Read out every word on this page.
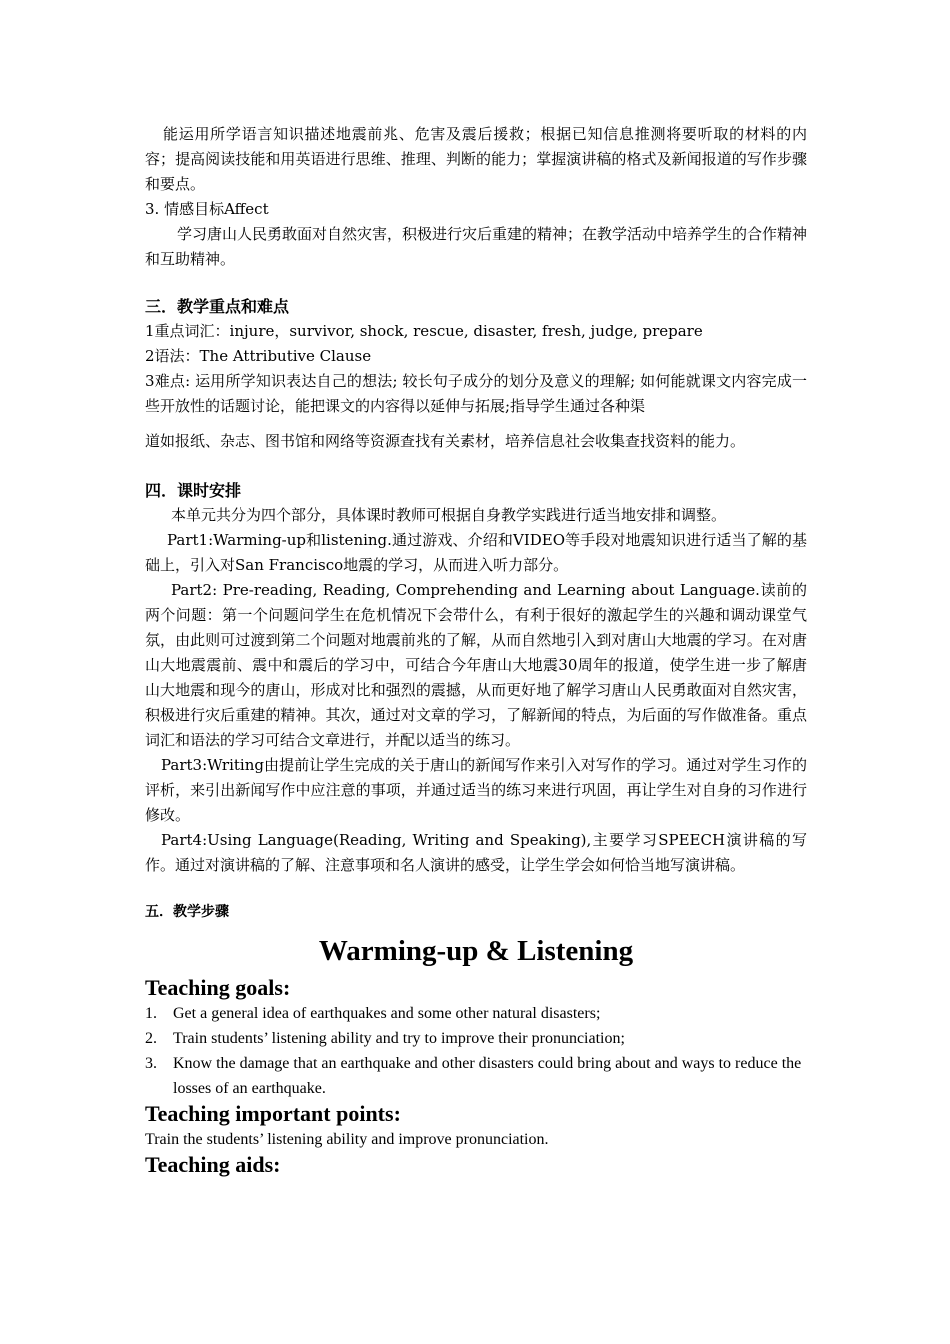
能运用所学语言知识描述地震前兆、危害及震后援救；根据已知信息推测将要听取的材料的内容；提高阅读技能和用英语进行思维、推理、判断的能力；掌握演讲稿的格式及新闻报道的写作步骤和要点。

3. 情感目标Affect

学习唐山人民勇敢面对自然灾害，积极进行灾后重建的精神；在教学活动中培养学生的合作精神和互助精神。

三．教学重点和难点

1重点词汇：injure，survivor, shock, rescue, disaster, fresh, judge, prepare

2语法：The Attributive Clause

3难点: 运用所学知识表达自己的想法; 较长句子成分的划分及意义的理解; 如何能就课文内容完成一些开放性的话题讨论，能把课文的内容得以延伸与拓展;指导学生通过各种渠

道如报纸、杂志、图书馆和网络等资源查找有关素材，培养信息社会收集查找资料的能力。

四．课时安排

本单元共分为四个部分，具体课时教师可根据自身教学实践进行适当地安排和调整。

Part1:Warming-up和listening.通过游戏、介绍和VIDEO等手段对地震知识进行适当了解的基础上，引入对San Francisco地震的学习，从而进入听力部分。

Part2: Pre-reading, Reading, Comprehending and Learning about Language.读前的两个问题：第一个问题问学生在危机情况下会带什么，有利于很好的激起学生的兴趣和调动课堂气氛，由此则可过渡到第二个问题对地震前兆的了解，从而自然地引入到对唐山大地震的学习。在对唐山大地震震前、震中和震后的学习中，可结合今年唐山大地震30周年的报道，使学生进一步了解唐山大地震和现今的唐山，形成对比和强烈的震撼，从而更好地了解学习唐山人民勇敢面对自然灾害，积极进行灾后重建的精神。其次，通过对文章的学习，了解新闻的特点，为后面的写作做准备。重点词汇和语法的学习可结合文章进行，并配以适当的练习。

Part3:Writing由提前让学生完成的关于唐山的新闻写作来引入对写作的学习。通过对学生习作的评析，来引出新闻写作中应注意的事项，并通过适当的练习来进行巩固，再让学生对自身的习作进行修改。

Part4:Using Language(Reading, Writing and Speaking),主要学习SPEECH演讲稿的写作。通过对演讲稿的了解、注意事项和名人演讲的感受，让学生学会如何恰当地写演讲稿。

五．教学步骤
Warming-up & Listening
Teaching goals:
1.	Get a general idea of earthquakes and some other natural disasters;
2.	Train students’ listening ability and try to improve their pronunciation;
3.	Know the damage that an earthquake and other disasters could bring about and ways to reduce the losses of an earthquake.
Teaching important points:
Train the students’ listening ability and improve pronunciation.
Teaching aids:
